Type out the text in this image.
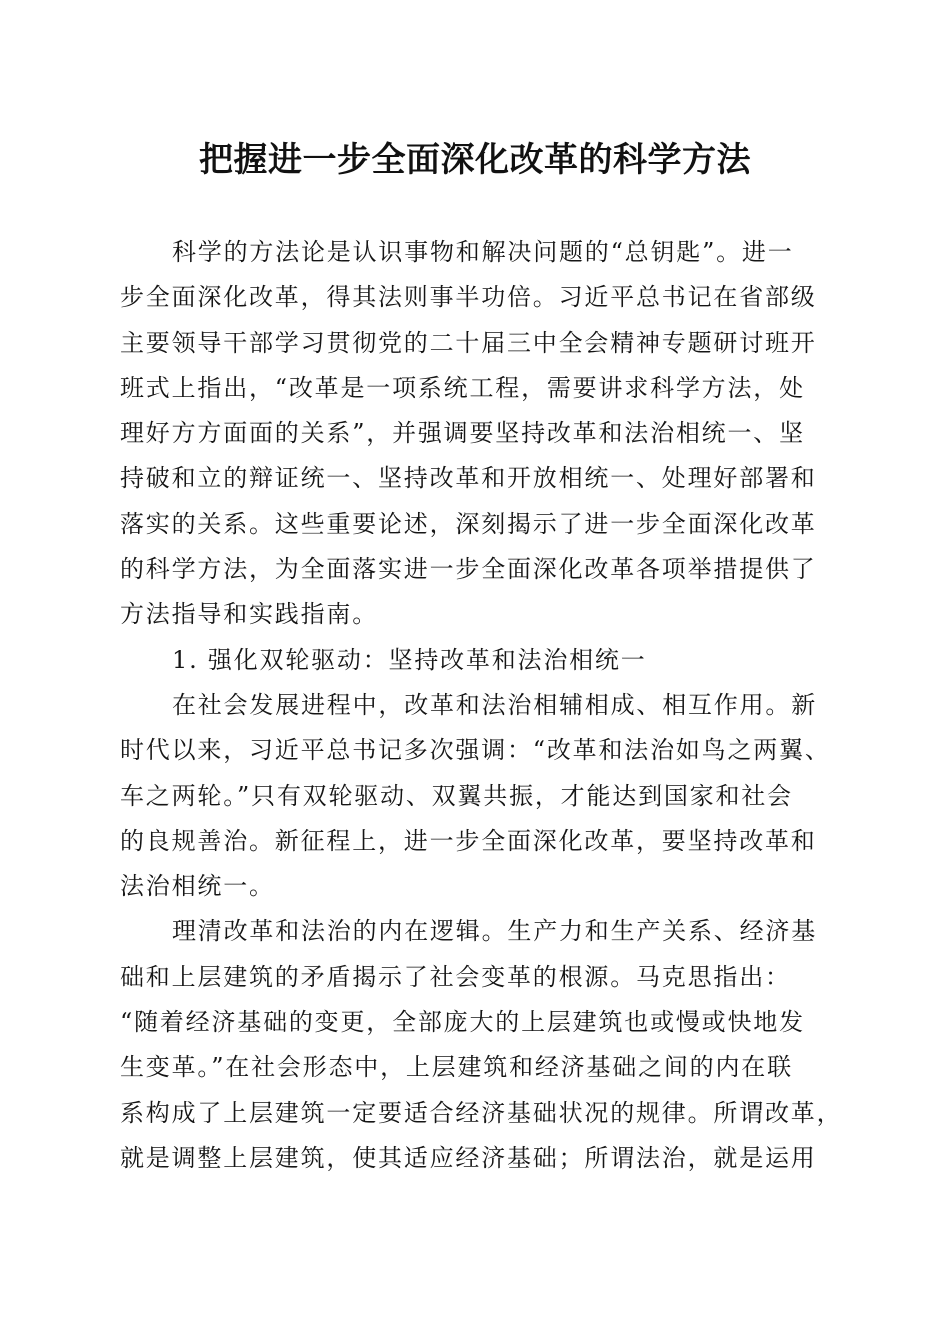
把握进一步全面深化改革的科学方法
科学的方法论是认识事物和解决问题的“总钥匙”。进一
步全面深化改革，得其法则事半功倍。习近平总书记在省部级
主要领导干部学习贯彻党的二十届三中全会精神专题研讨班开
班式上指出，“改革是一项系统工程，需要讲求科学方法，处
理好方方面面的关系”，并强调要坚持改革和法治相统一、坚
持破和立的辩证统一、坚持改革和开放相统一、处理好部署和
落实的关系。这些重要论述，深刻揭示了进一步全面深化改革
的科学方法，为全面落实进一步全面深化改革各项举措提供了
方法指导和实践指南。
1. 强化双轮驱动：坚持改革和法治相统一
在社会发展进程中，改革和法治相辅相成、相互作用。新
时代以来，习近平总书记多次强调：“改革和法治如鸟之两翼、
车之两轮。”只有双轮驱动、双翼共振，才能达到国家和社会
的良规善治。新征程上，进一步全面深化改革，要坚持改革和
法治相统一。
理清改革和法治的内在逻辑。生产力和生产关系、经济基
础和上层建筑的矛盾揭示了社会变革的根源。马克思指出：
“随着经济基础的变更，全部庞大的上层建筑也或慢或快地发
生变革。”在社会形态中，上层建筑和经济基础之间的内在联
系构成了上层建筑一定要适合经济基础状况的规律。所谓改革，
就是调整上层建筑，使其适应经济基础；所谓法治，就是运用
